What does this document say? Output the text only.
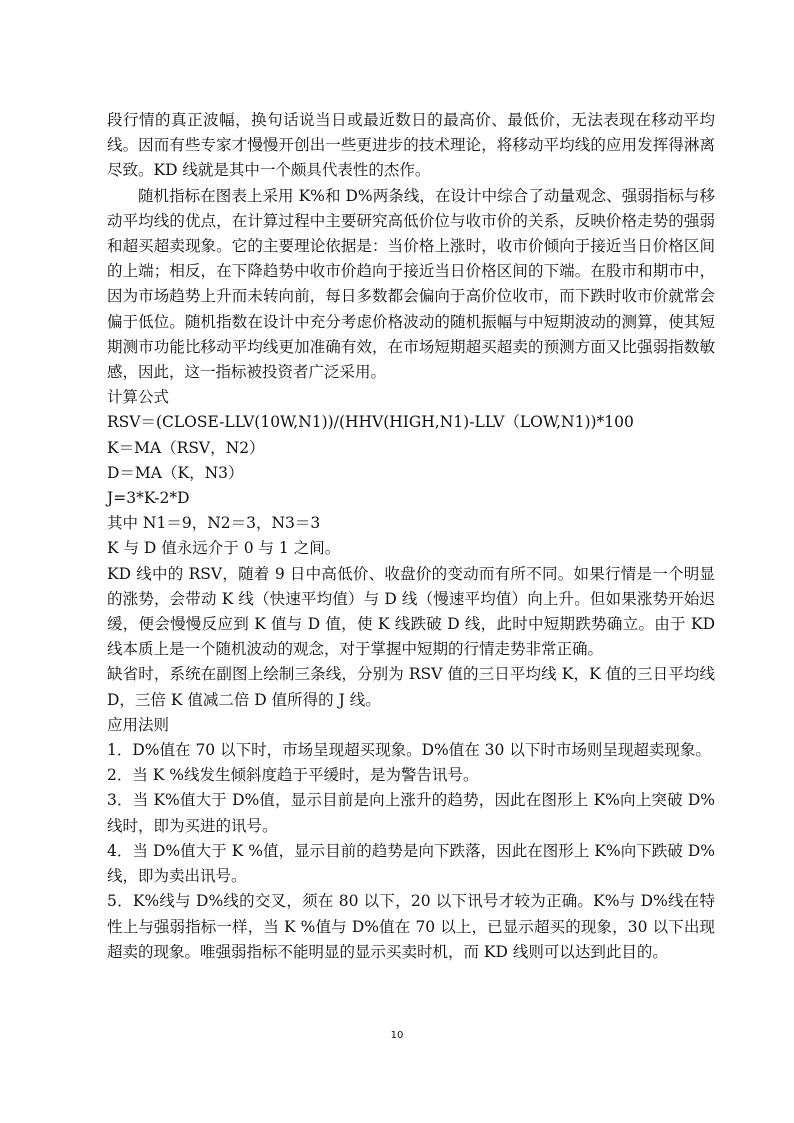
段行情的真正波幅，换句话说当日或最近数日的最高价、最低价，无法表现在移动平均线。因而有些专家才慢慢开创出一些更进步的技术理论，将移动平均线的应用发挥得淋离尽致。KD 线就是其中一个颇具代表性的杰作。

随机指标在图表上采用 K%和 D%两条线，在设计中综合了动量观念、强弱指标与移动平均线的优点，在计算过程中主要研究高低价位与收市价的关系，反映价格走势的强弱和超买超卖现象。它的主要理论依据是：当价格上涨时，收市价倾向于接近当日价格区间的上端；相反，在下降趋势中收市价趋向于接近当日价格区间的下端。在股市和期市中，因为市场趋势上升而未转向前，每日多数都会偏向于高价位收市，而下跌时收市价就常会偏于低位。随机指数在设计中充分考虑价格波动的随机振幅与中短期波动的测算，使其短期测市功能比移动平均线更加准确有效，在市场短期超买超卖的预测方面又比强弱指数敏感，因此，这一指标被投资者广泛采用。

计算公式

RSV＝(CLOSE-LLV(10W,N1))/(HHV(HIGH,N1)-LLV（LOW,N1))*100

K＝MA（RSV，N2）

D＝MA（K，N3）

J=3*K-2*D

其中 N1＝9，N2＝3，N3＝3

K 与 D 值永远介于 0 与 1 之间。

KD 线中的 RSV，随着 9 日中高低价、收盘价的变动而有所不同。如果行情是一个明显的涨势，会带动 K 线（快速平均值）与 D 线（慢速平均值）向上升。但如果涨势开始迟缓，便会慢慢反应到 K 值与 D 值，使 K 线跌破 D 线，此时中短期跌势确立。由于 KD 线本质上是一个随机波动的观念，对于掌握中短期的行情走势非常正确。

缺省时，系统在副图上绘制三条线，分别为 RSV 值的三日平均线 K，K 值的三日平均线 D，三倍 K 值减二倍 D 值所得的 J 线。

应用法则

1．D%值在 70 以下时，市场呈现超买现象。D%值在 30 以下时市场则呈现超卖现象。

2．当 K %线发生倾斜度趋于平缓时，是为警告讯号。

3．当 K%值大于 D%值，显示目前是向上涨升的趋势，因此在图形上 K%向上突破 D%线时，即为买进的讯号。

4．当 D%值大于 K %值，显示目前的趋势是向下跌落，因此在图形上 K%向下跌破 D%线，即为卖出讯号。

5．K%线与 D%线的交叉，须在 80 以下，20 以下讯号才较为正确。K%与 D%线在特性上与强弱指标一样，当 K %值与 D%值在 70 以上，已显示超买的现象，30 以下出现超卖的现象。唯强弱指标不能明显的显示买卖时机，而 KD 线则可以达到此目的。

10
